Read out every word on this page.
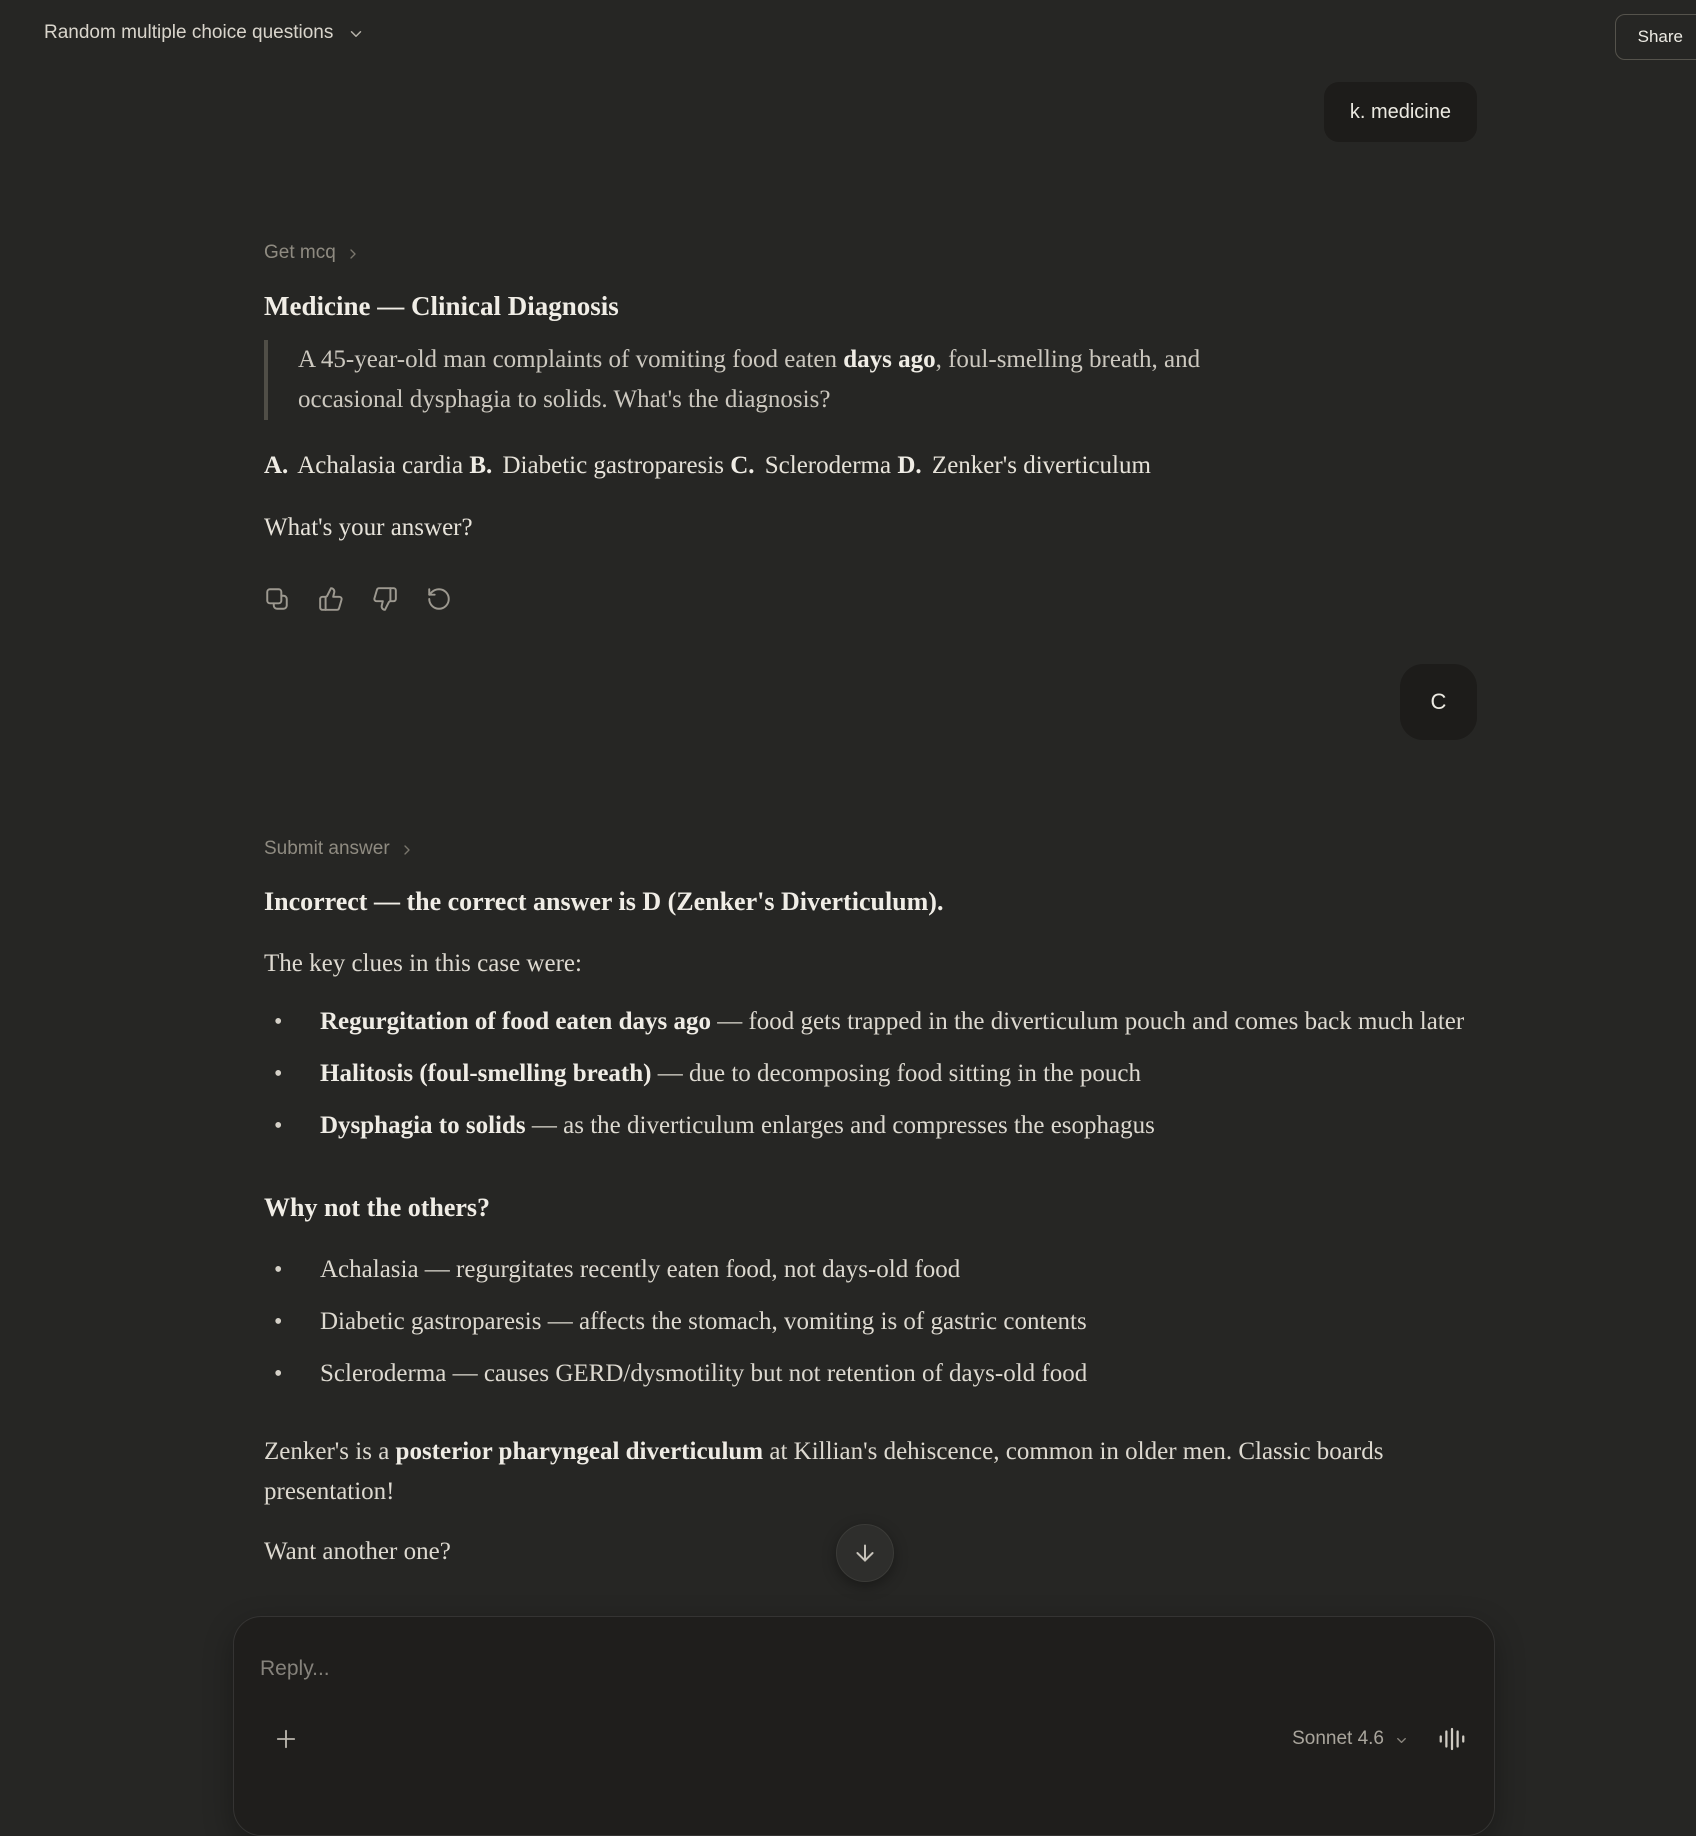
Random multiple choice questions	Share
k. medicine
Get mcq
Medicine — Clinical Diagnosis
A 45-year-old man complaints of vomiting food eaten days ago, foul-smelling breath, and occasional dysphagia to solids. What's the diagnosis?

A. Achalasia cardia B. Diabetic gastroparesis C. Scleroderma D. Zenker's diverticulum

What's your answer?

C
Submit answer

Incorrect — the correct answer is D (Zenker's Diverticulum).

The key clues in this case were:

• Regurgitation of food eaten days ago — food gets trapped in the diverticulum pouch and comes back much later
• Halitosis (foul-smelling breath) — due to decomposing food sitting in the pouch
• Dysphagia to solids — as the diverticulum enlarges and compresses the esophagus
Why not the others?
• Achalasia — regurgitates recently eaten food, not days-old food
• Diabetic gastroparesis — affects the stomach, vomiting is of gastric contents
• Scleroderma — causes GERD/dysmotility but not retention of days-old food

Zenker's is a posterior pharyngeal diverticulum at Killian's dehiscence, common in older men. Classic boards presentation!

Want another one?

Reply...
Sonnet 4.6
